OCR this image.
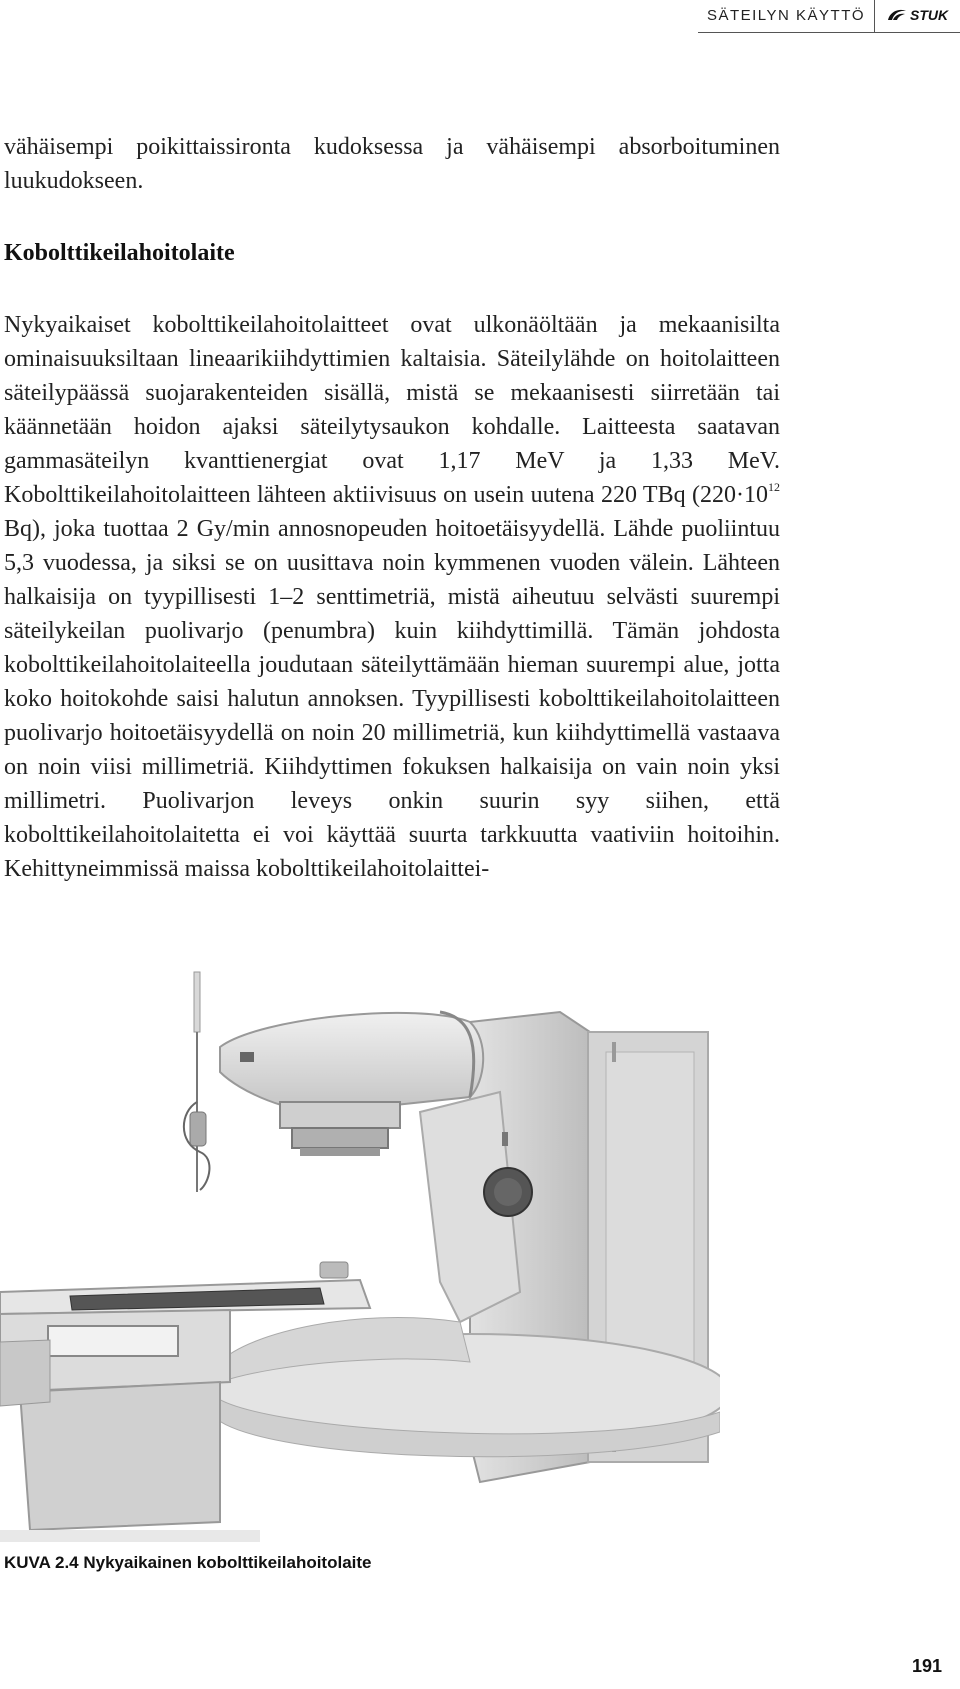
SÄTEILYN KÄYTTÖ	STUK

vähäisempi poikittaissironta kudoksessa ja vähäisempi absorboituminen luukudokseen.

Kobolttikeilahoitolaite

Nykyaikaiset kobolttikeilahoitolaitteet ovat ulkonäöltään ja mekaanisilta ominaisuuksiltaan lineaarikiihdyttimien kaltaisia. Säteilylähde on hoitolaitteen säteilypäässä suojarakenteiden sisällä, mistä se mekaanisesti siirretään tai käännetään hoidon ajaksi säteilytysaukon kohdalle. Laitteesta saatavan gammasäteilyn kvanttienergiat ovat 1,17 MeV ja 1,33 MeV. Kobolttikeilahoitolaitteen lähteen aktiivisuus on usein uutena 220 TBq ($220\cdot 10^{12}$ Bq), joka tuottaa 2 Gy/min annosnopeuden hoitoetäisyydellä. Lähde puoliintuu 5,3 vuodessa, ja siksi se on uusittava noin kymmenen vuoden välein. Lähteen halkaisija on tyypillisesti 1–2 senttimetriä, mistä aiheutuu selvästi suurempi säteilykeilan puolivarjo (penumbra) kuin kiihdyttimillä. Tämän johdosta kobolttikeilahoitolaiteella joudutaan säteilyttämään hieman suurempi alue, jotta koko hoitokohde saisi halutun annoksen. Tyypillisesti kobolttikeilahoitolaitteen puolivarjo hoitoetäisyydellä on noin 20 millimetriä, kun kiihdyttimellä vastaava on noin viisi millimetriä. Kiihdyttimen fokuksen halkaisija on vain noin yksi millimetri. Puolivarjon leveys onkin suurin syy siihen, että kobolttikeilahoitolaitetta ei voi käyttää suurta tarkkuutta vaativiin hoitoihin. Kehittyneimmissä maissa kobolttikeilahoitolaittei-

KUVA 2.4 Nykyaikainen kobolttikeilahoitolaite
191
